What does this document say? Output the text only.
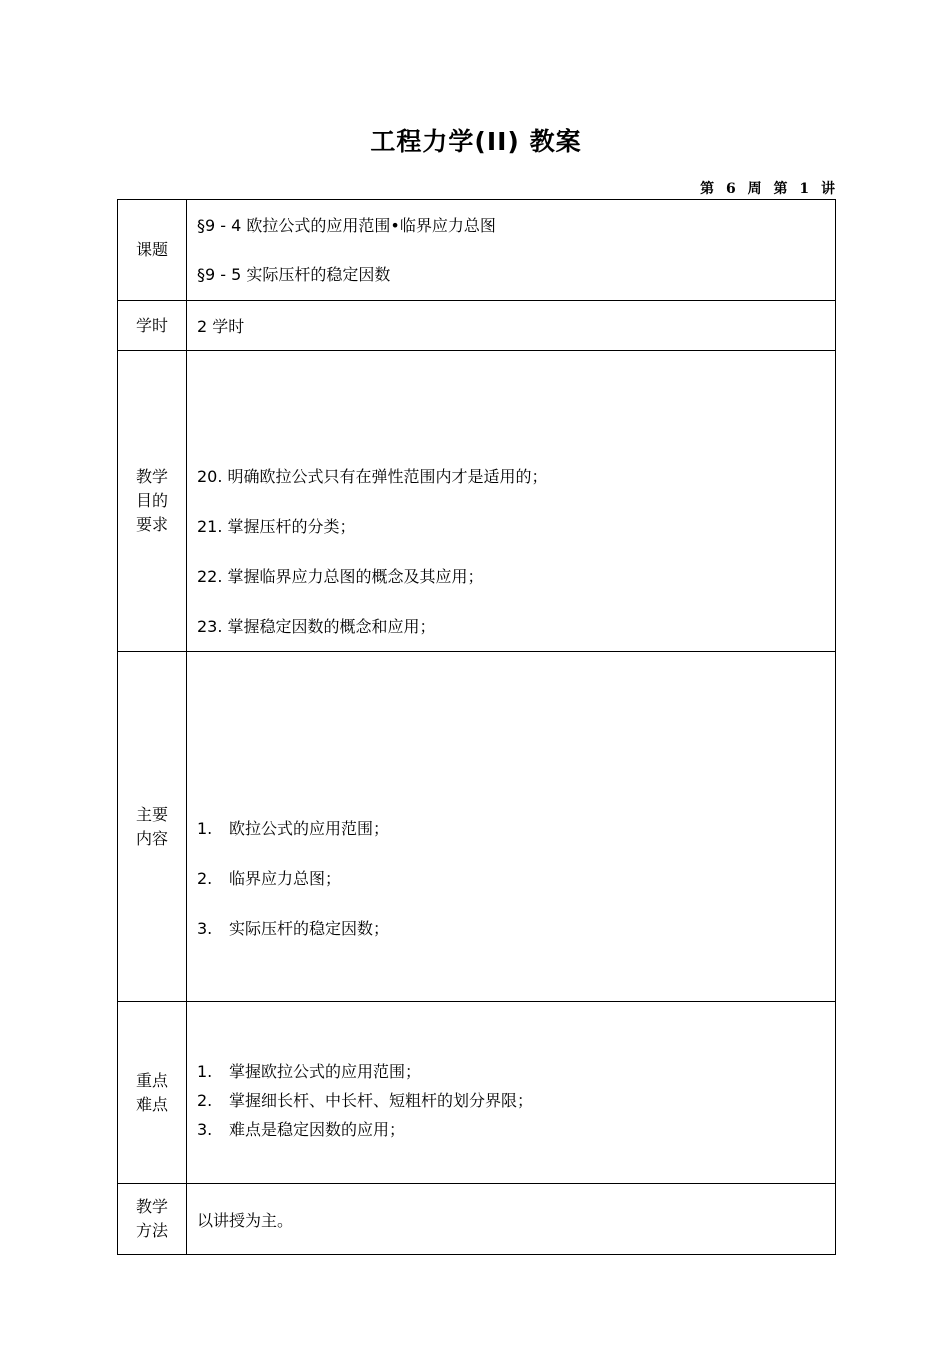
工程力学(II) 教案
第 6 周 第 1 讲
课题	§9 - 4 欧拉公式的应用范围•临界应力总图
§9 - 5 实际压杆的稳定因数

学时	2 学时

教学
目的
要求	20. 明确欧拉公式只有在弹性范围内才是适用的；
21. 掌握压杆的分类；
22. 掌握临界应力总图的概念及其应用；
23. 掌握稳定因数的概念和应用；

主要
内容	1. 欧拉公式的应用范围；
2. 临界应力总图；
3. 实际压杆的稳定因数；

重点
难点	1. 掌握欧拉公式的应用范围；
2. 掌握细长杆、中长杆、短粗杆的划分界限；
3. 难点是稳定因数的应用；

教学
方法	以讲授为主。
